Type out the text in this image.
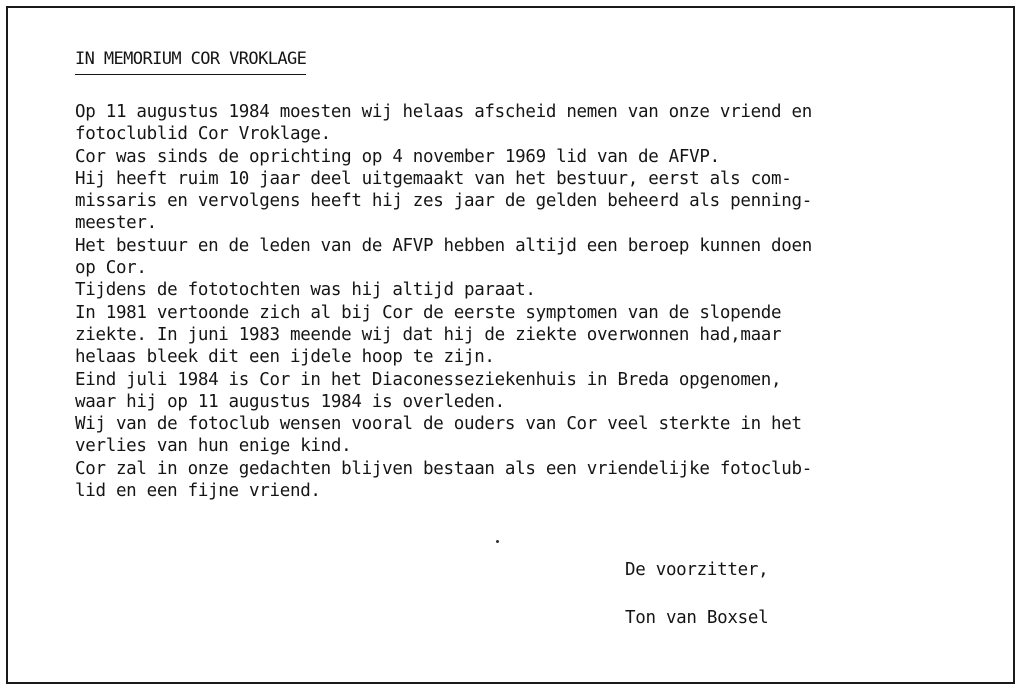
IN MEMORIUM COR VROKLAGE
Op 11 augustus 1984 moesten wij helaas afscheid nemen van onze vriend en
fotoclublid Cor Vroklage.
Cor was sinds de oprichting op 4 november 1969 lid van de AFVP.
Hij heeft ruim 10 jaar deel uitgemaakt van het bestuur, eerst als com-
missaris en vervolgens heeft hij zes jaar de gelden beheerd als penning-
meester.
Het bestuur en de leden van de AFVP hebben altijd een beroep kunnen doen
op Cor.
Tijdens de fototochten was hij altijd paraat.
In 1981 vertoonde zich al bij Cor de eerste symptomen van de slopende
ziekte. In juni 1983 meende wij dat hij de ziekte overwonnen had,maar
helaas bleek dit een ijdele hoop te zijn.
Eind juli 1984 is Cor in het Diaconesseziekenhuis in Breda opgenomen,
waar hij op 11 augustus 1984 is overleden.
Wij van de fotoclub wensen vooral de ouders van Cor veel sterkte in het
verlies van hun enige kind.
Cor zal in onze gedachten blijven bestaan als een vriendelijke fotoclub-
lid en een fijne vriend.
De voorzitter,
Ton van Boxsel
